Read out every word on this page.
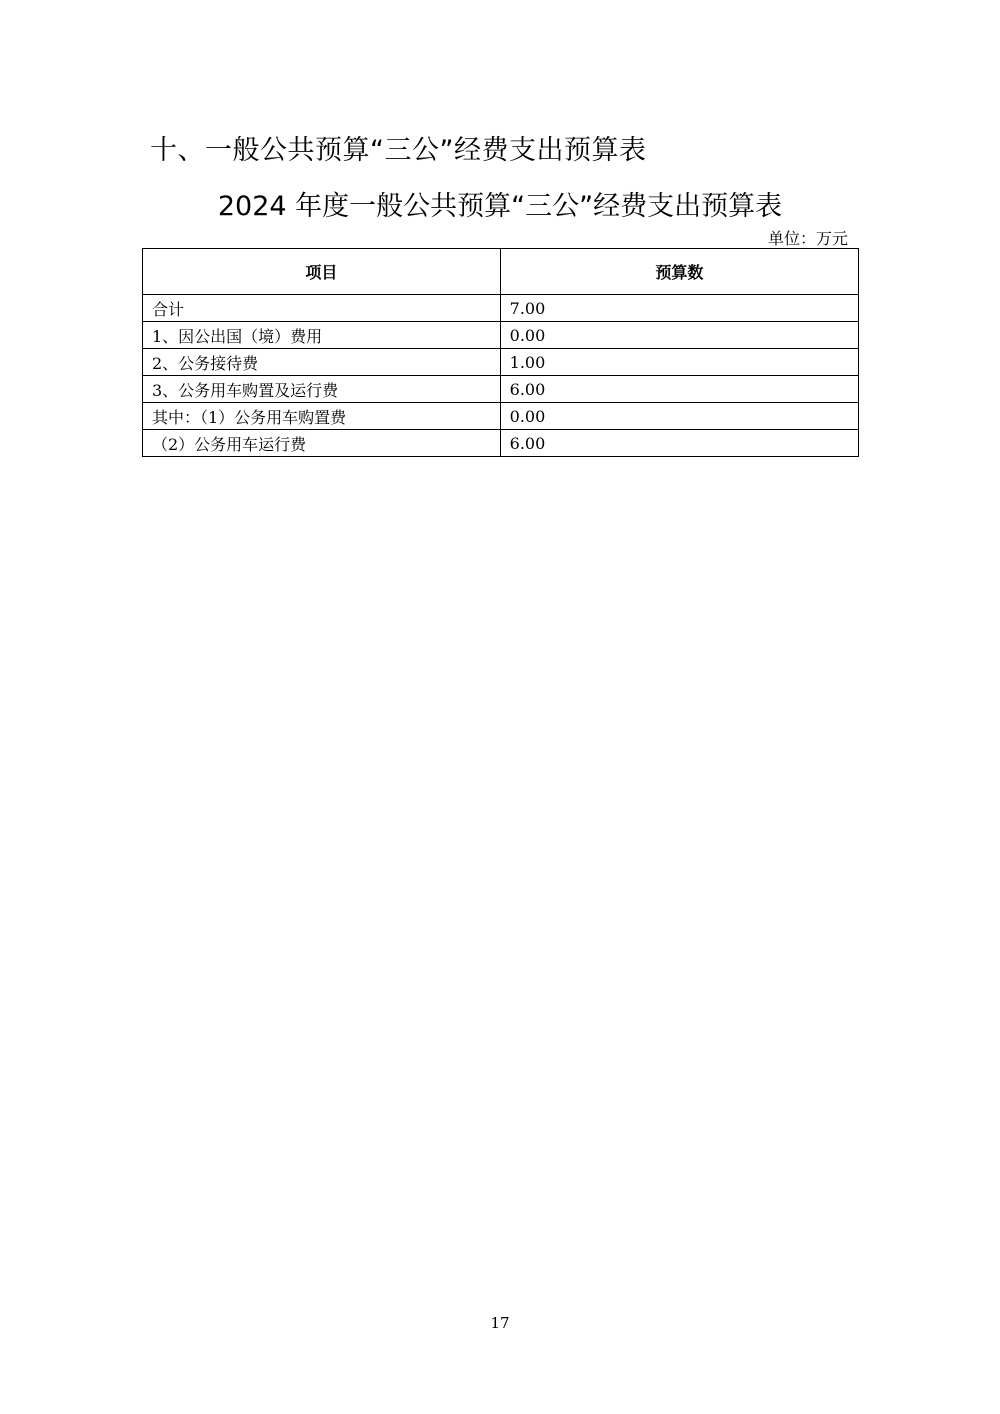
十、一般公共预算“三公”经费支出预算表
2024 年度一般公共预算“三公”经费支出预算表
单位：万元
项目	预算数
合计	7.00
1、因公出国（境）费用	0.00
2、公务接待费	1.00
3、公务用车购置及运行费	6.00
其中：（1）公务用车购置费	0.00
（2）公务用车运行费	6.00
17
